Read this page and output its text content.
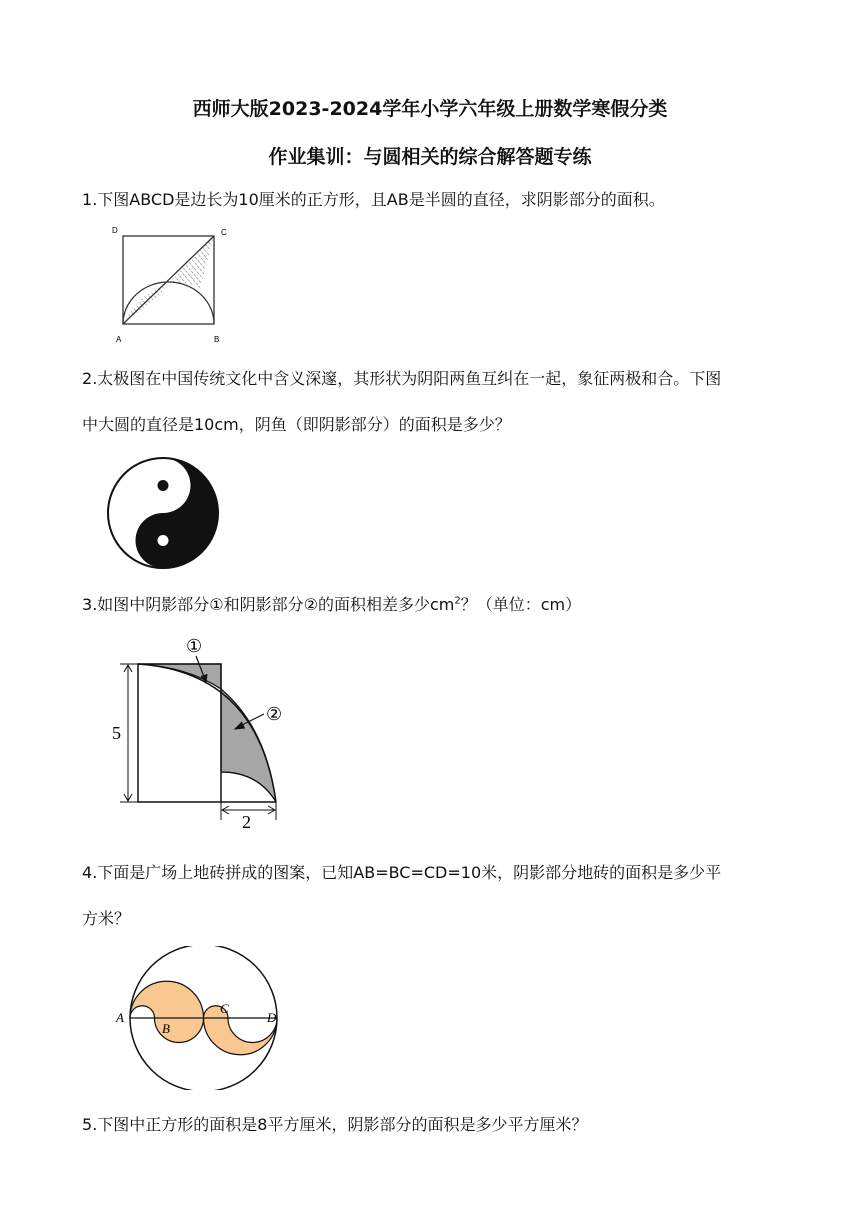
西师大版2023-2024学年小学六年级上册数学寒假分类
作业集训：与圆相关的综合解答题专练
1.下图ABCD是边长为10厘米的正方形，且AB是半圆的直径，求阴影部分的面积。
D	C
A	B
2.太极图在中国传统文化中含义深邃，其形状为阴阳两鱼互纠在一起，象征两极和合。下图
中大圆的直径是10cm，阴鱼（即阴影部分）的面积是多少？
3.如图中阴影部分①和阴影部分②的面积相差多少$cm^2$？（单位：cm）
5
2
①
②
4.下面是广场上地砖拼成的图案，已知AB=BC=CD=10米，阴影部分地砖的面积是多少平
方米？
A
B
C
D
5.下图中正方形的面积是8平方厘米，阴影部分的面积是多少平方厘米？
